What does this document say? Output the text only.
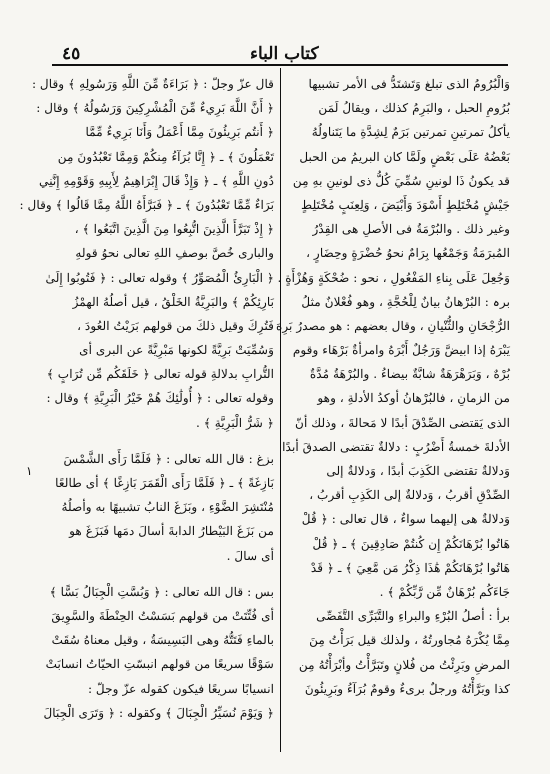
٤٥	كتاب الباء
وَالْبُرُومُ الذى تبلغ وَتَشتَدُّ فى الأمر تشبيها
بُرُومِ الحبل ، والبَرِمُ كذلك ، ويقالُ لَمَن
يأكلُ تمرتينِ تمرتين بَرَمٌ لِشِدَّةِ ما يَتَناولُهُ
بَعْضُهُ عَلَى بَعْضٍ ولَمَّا كان البريمُ من الحبل
قد يكونُ ذَا لونينِ سُمِّيَ كُلُّ ذى لونينِ بهِ مِن
جَيْشٍ مُخْتَلِطٍ أَسْوَدَ وَأَبْيَضَ ، وَلِعِنَبٍ مُخْتَلِطٍ
وغير ذلك . والبُرْمَةُ فى الأصلِ هى القِدْرُ
المُبرَمَةُ وَجَمْعُها بِرَامٌ نحوُ حُضْرَةٍ وحِضَارٍ ،
وَجُعِلَ عَلَى بِناءِ المَفْعُولِ ، نحو : ضُحْكَةٍ وَهُزْأَةٍ .
برہ : البُرْهانُ بيانٌ لِلْحُجَّةِ ، وهو فُعْلانٌ مثلُ
الرُّجْحَانِ والثُّنْيانِ ، وقال بعضهم : هو مصدرُ بَرِهَ
يَبْرَهُ إذا ابيضَّ وَرَجُلٌ أَبْرَهُ وامرأةٌ بَرْهَاء وقوم
بُرْهٌ ، وَبَرَهْرَهَةٌ شابَّةٌ بيضاءُ . والبُرْهَةُ مُدَّةٌ
من الزمانِ ، فالبُرْهانُ أوكدُ الأدلةِ ، وهو
الذى يَقتضى الصِّدْقَ أبدًا لا مَحالةَ ، وذلك أنّ
الأدلةَ خمسةُ أَضْرُبٍ : دلالةٌ تقتضى الصدقَ أبدًا
وَدلالةٌ تقتضى الكَذِبَ أبدًا ، وَدلالةٌ إلى
الصِّدْقِ أقربُ ، وَدلالةٌ إلى الكَذِبِ أقربُ ،
وَدلالةٌ هى إليهما سواءٌ ، قال تعالى : ﴿ قُلْ
هَاتُوا بُرْهَانَكُمْ إِن كُنتُمْ صَادِقِينَ ﴾ ـ ﴿ قُلْ
هَاتُوا بُرْهَانَكُمْ هَٰذَا ذِكْرُ مَن مَّعِيَ ﴾ ـ ﴿ قَدْ
جَاءَكُم بُرْهَانٌ مِّن رَّبِّكُمْ ﴾ .
برأ : أصلُ البُرْءِ والبراءِ والتَّبَرِّى التَّفَصِّى
مِمَّا يُكْرَهُ مُجاورتُهُ ، ولذلك قيل بَرَأْتُ مِنَ
المرضِ وبَرِئْتُ من فُلانٍ وتَبَرَّأْتُ وأبْرَأْتُهُ مِن
كذا وبَرَّأْتُهُ ورجلٌ برىءٌ وقومٌ بُرَآءُ وبَرِيئُونَ
قال عزّ وجلّ : ﴿ بَرَاءَةٌ مِّنَ اللَّهِ وَرَسُولِهِ ﴾ وقال :
﴿ أَنَّ اللَّهَ بَرِيءٌ مِّنَ الْمُشْرِكِينَ وَرَسُولُهُ ﴾ وقال :
﴿ أَنتُم بَرِيئُونَ مِمَّا أَعْمَلُ وَأَنَا بَرِيءٌ مِّمَّا
تَعْمَلُونَ ﴾ ـ ﴿ إِنَّا بُرَآءُ مِنكُمْ وَمِمَّا تَعْبُدُونَ مِن
دُونِ اللَّهِ ﴾ ـ ﴿ وَإِذْ قَالَ إِبْرَاهِيمُ لِأَبِيهِ وَقَوْمِهِ إِنَّنِي
بَرَاءٌ مِّمَّا تَعْبُدُونَ ﴾ ـ ﴿ فَبَرَّأَهُ اللَّهُ مِمَّا قَالُوا ﴾ وقال :
﴿ إِذْ تَبَرَّأَ الَّذِينَ اتُّبِعُوا مِنَ الَّذِينَ اتَّبَعُوا ﴾ ،
والبارى خُصَّ بوصفِ اللهِ تعالى نحوُ قولهِ
﴿ الْبَارِئُ الْمُصَوِّرُ ﴾ وقوله تعالى : ﴿ فَتُوبُوا إِلَىٰ
بَارِئِكُمْ ﴾ والبَرِيَّةُ الخَلْقُ ، قيل أصلُهُ الهمْزُ
فَتُرِكَ وقيل ذلكَ من قولهم بَرَيْتُ العُودَ ،
وَسُمِّيَتْ بَرِيَّةً لكونها مَبْرِيَّةً عن البرى أى
التُّرابِ بدلالةِ قوله تعالى ﴿ خَلَقَكُم مِّن تُرَابٍ ﴾
وقوله تعالى : ﴿ أُولَٰئِكَ هُمْ خَيْرُ الْبَرِيَّةِ ﴾ وقال :
﴿ شَرُّ الْبَرِيَّةِ ﴾ .
بزغ : قال الله تعالى : ﴿ فَلَمَّا رَأَى الشَّمْسَ
بَازِغَةً ﴾ ـ ﴿ فَلَمَّا رَأَى الْقَمَرَ بَازِغًا ﴾ أى طالعًا
مُنْتَشِرَ الضَّوْءِ ، وبَزَغَ النابُ تشبيهًا به وأصلُهُ
من بَزَغَ البَيْطارُ الدابةَ أسالَ دمَها فَبَزَغَ هو
أى سالَ .
بس : قال الله تعالى : ﴿ وَبُسَّتِ الْجِبَالُ بَسًّا ﴾
أى فُتِّتَتْ من قولهم بَسَسْتُ الحِنْطَةَ والسَّوِيقَ
بالماءِ فَتَتُّهُ وهى البَسِيسَةُ ، وقيل معناهُ سُقَتْ
سَوْقًا سريعًا من قولهم انبسّتِ الحيّاتُ انسابَتْ
انسيابًا سريعًا فيكون كقوله عزّ وجلّ :
﴿ وَيَوْمَ نُسَيِّرُ الْجِبَالَ ﴾ وكقوله : ﴿ وَتَرَى الْجِبَالَ
١
